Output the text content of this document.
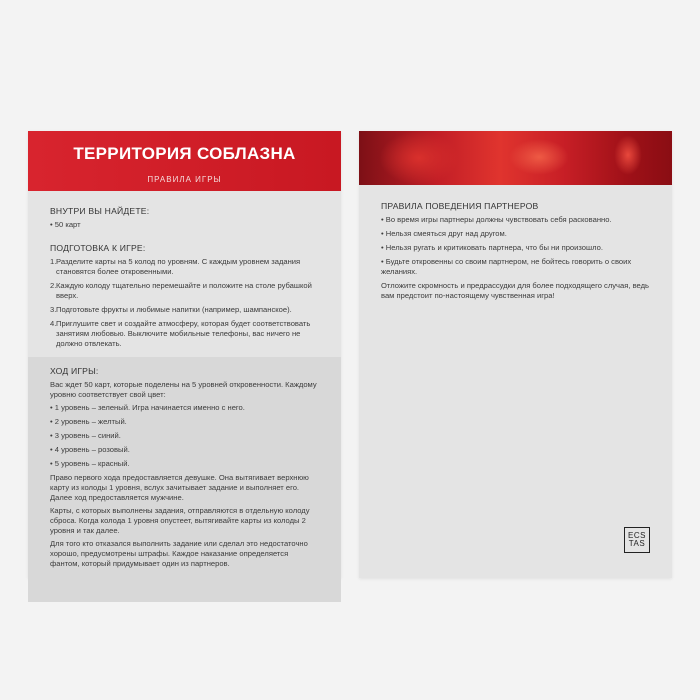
ТЕРРИТОРИЯ СОБЛАЗНА
ПРАВИЛА ИГРЫ
ВНУТРИ ВЫ НАЙДЕТЕ:
• 50 карт
ПОДГОТОВКА К ИГРЕ:
1. Разделите карты на 5 колод по уровням. С каждым уровнем задания становятся более откровенными.
2. Каждую колоду тщательно перемешайте и положите на столе рубашкой вверх.
3. Подготовьте фрукты и любимые напитки (например, шампанское).
4. Приглушите свет и создайте атмосферу, которая будет соответствовать занятиям любовью. Выключите мобильные телефоны, вас ничего не должно отвлекать.
ХОД ИГРЫ:
Вас ждет 50 карт, которые поделены на 5 уровней откровенности. Каждому уровню соответствует свой цвет:
• 1 уровень – зеленый. Игра начинается именно с него.
• 2 уровень – желтый.
• 3 уровень – синий.
• 4 уровень – розовый.
• 5 уровень – красный.
Право первого хода предоставляется девушке. Она вытягивает верхнюю карту из колоды 1 уровня, вслух зачитывает задание и выполняет его. Далее ход предоставляется мужчине.
Карты, с которых выполнены задания, отправляются в отдельную колоду сброса. Когда колода 1 уровня опустеет, вытягивайте карты из колоды 2 уровня и так далее.
Для того кто отказался выполнить задание или сделал это недостаточно хорошо, предусмотрены штрафы. Каждое наказание определяется фантом, который придумывает один из партнеров.
ПРАВИЛА ПОВЕДЕНИЯ ПАРТНЕРОВ
• Во время игры партнеры должны чувствовать себя раскованно.
• Нельзя смеяться друг над другом.
• Нельзя ругать и критиковать партнера, что бы ни произошло.
• Будьте откровенны со своим партнером, не бойтесь говорить о своих желаниях.
Отложите скромность и предрассудки для более подходящего случая, ведь вам предстоит по-настоящему чувственная игра!
ECS
TAS
